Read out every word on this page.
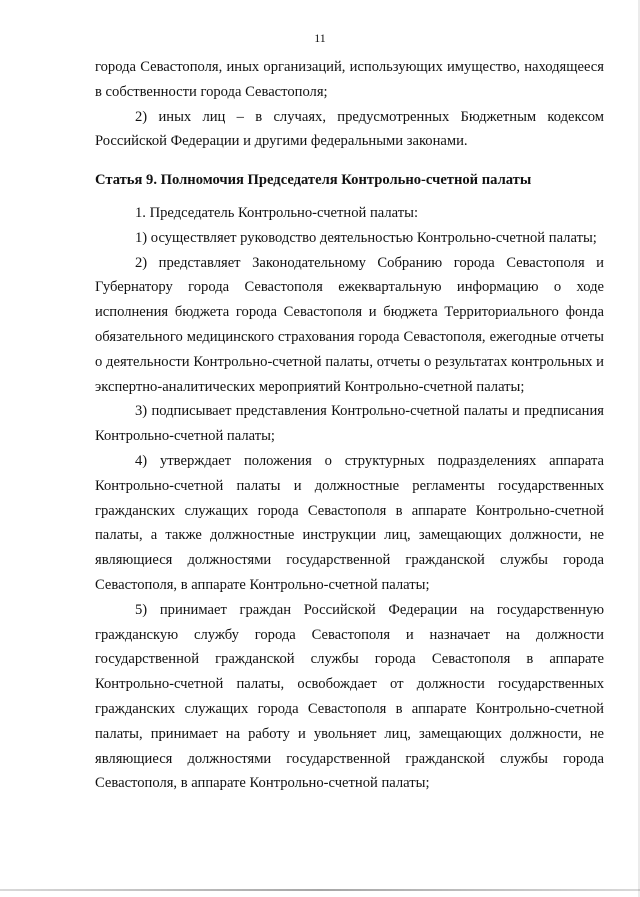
11

города Севастополя, иных организаций, использующих имущество, находящееся в собственности города Севастополя;

2) иных лиц – в случаях, предусмотренных Бюджетным кодексом Российской Федерации и другими федеральными законами.

Статья 9. Полномочия Председателя Контрольно-счетной палаты

1. Председатель Контрольно-счетной палаты:

1) осуществляет руководство деятельностью Контрольно-счетной палаты;

2) представляет Законодательному Собранию города Севастополя и Губернатору города Севастополя ежеквартальную информацию о ходе исполнения бюджета города Севастополя и бюджета Территориального фонда обязательного медицинского страхования города Севастополя, ежегодные отчеты о деятельности Контрольно-счетной палаты, отчеты о результатах контрольных и экспертно-аналитических мероприятий Контрольно-счетной палаты;

3) подписывает представления Контрольно-счетной палаты и предписания Контрольно-счетной палаты;

4) утверждает положения о структурных подразделениях аппарата Контрольно-счетной палаты и должностные регламенты государственных гражданских служащих города Севастополя в аппарате Контрольно-счетной палаты, а также должностные инструкции лиц, замещающих должности, не являющиеся должностями государственной гражданской службы города Севастополя, в аппарате Контрольно-счетной палаты;

5) принимает граждан Российской Федерации на государственную гражданскую службу города Севастополя и назначает на должности государственной гражданской службы города Севастополя в аппарате Контрольно-счетной палаты, освобождает от должности государственных гражданских служащих города Севастополя в аппарате Контрольно-счетной палаты, принимает на работу и увольняет лиц, замещающих должности, не являющиеся должностями государственной гражданской службы города Севастополя, в аппарате Контрольно-счетной палаты;
